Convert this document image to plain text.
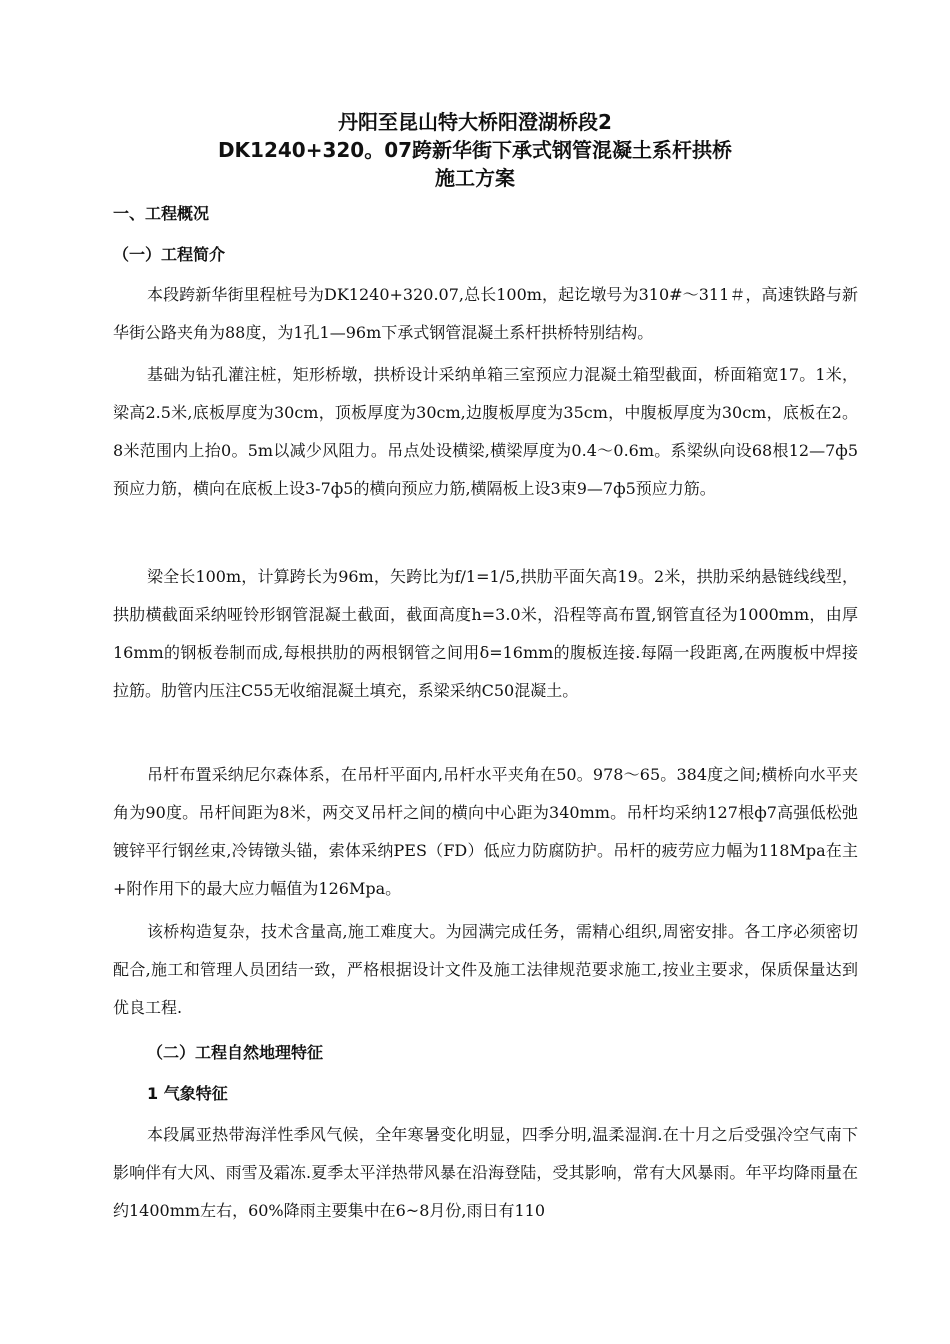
丹阳至昆山特大桥阳澄湖桥段2
DK1240+320。07跨新华街下承式钢管混凝土系杆拱桥
施工方案
一、工程概况
（一）工程简介

本段跨新华街里程桩号为DK1240+320.07,总长100m，起讫墩号为310#～311＃，高速铁路与新华街公路夹角为88度，为1孔1—96m下承式钢管混凝土系杆拱桥特别结构。

基础为钻孔灌注桩，矩形桥墩，拱桥设计采纳单箱三室预应力混凝土箱型截面，桥面箱宽17。1米，梁高2.5米,底板厚度为30cm，顶板厚度为30cm,边腹板厚度为35cm，中腹板厚度为30cm，底板在2。8米范围内上抬0。5m以减少风阻力。吊点处设横梁,横梁厚度为0.4～0.6m。系梁纵向设68根12—7ф5预应力筋，横向在底板上设3-7ф5的横向预应力筋,横隔板上设3束9—7ф5预应力筋。

梁全长100m，计算跨长为96m，矢跨比为f/1=1/5,拱肋平面矢高19。2米，拱肋采纳悬链线线型，拱肋横截面采纳哑铃形钢管混凝土截面，截面高度h=3.0米，沿程等高布置,钢管直径为1000mm，由厚16mm的钢板卷制而成,每根拱肋的两根钢管之间用δ=16mm的腹板连接.每隔一段距离,在两腹板中焊接拉筋。肋管内压注C55无收缩混凝土填充，系梁采纳C50混凝土。

吊杆布置采纳尼尔森体系，在吊杆平面内,吊杆水平夹角在50。978～65。384度之间;横桥向水平夹角为90度。吊杆间距为8米，两交叉吊杆之间的横向中心距为340mm。吊杆均采纳127根ф7高强低松弛镀锌平行钢丝束,冷铸镦头锚，索体采纳PES（FD）低应力防腐防护。吊杆的疲劳应力幅为118Mpa在主+附作用下的最大应力幅值为126Mpa。

该桥构造复杂，技术含量高,施工难度大。为园满完成任务，需精心组织,周密安排。各工序必须密切配合,施工和管理人员团结一致，严格根据设计文件及施工法律规范要求施工,按业主要求，保质保量达到优良工程.

（二）工程自然地理特征
1 气象特征

本段属亚热带海洋性季风气候，全年寒暑变化明显，四季分明,温柔湿润.在十月之后受强冷空气南下影响伴有大风、雨雪及霜冻.夏季太平洋热带风暴在沿海登陆，受其影响，常有大风暴雨。年平均降雨量在约1400mm左右，60%降雨主要集中在6~8月份,雨日有110
